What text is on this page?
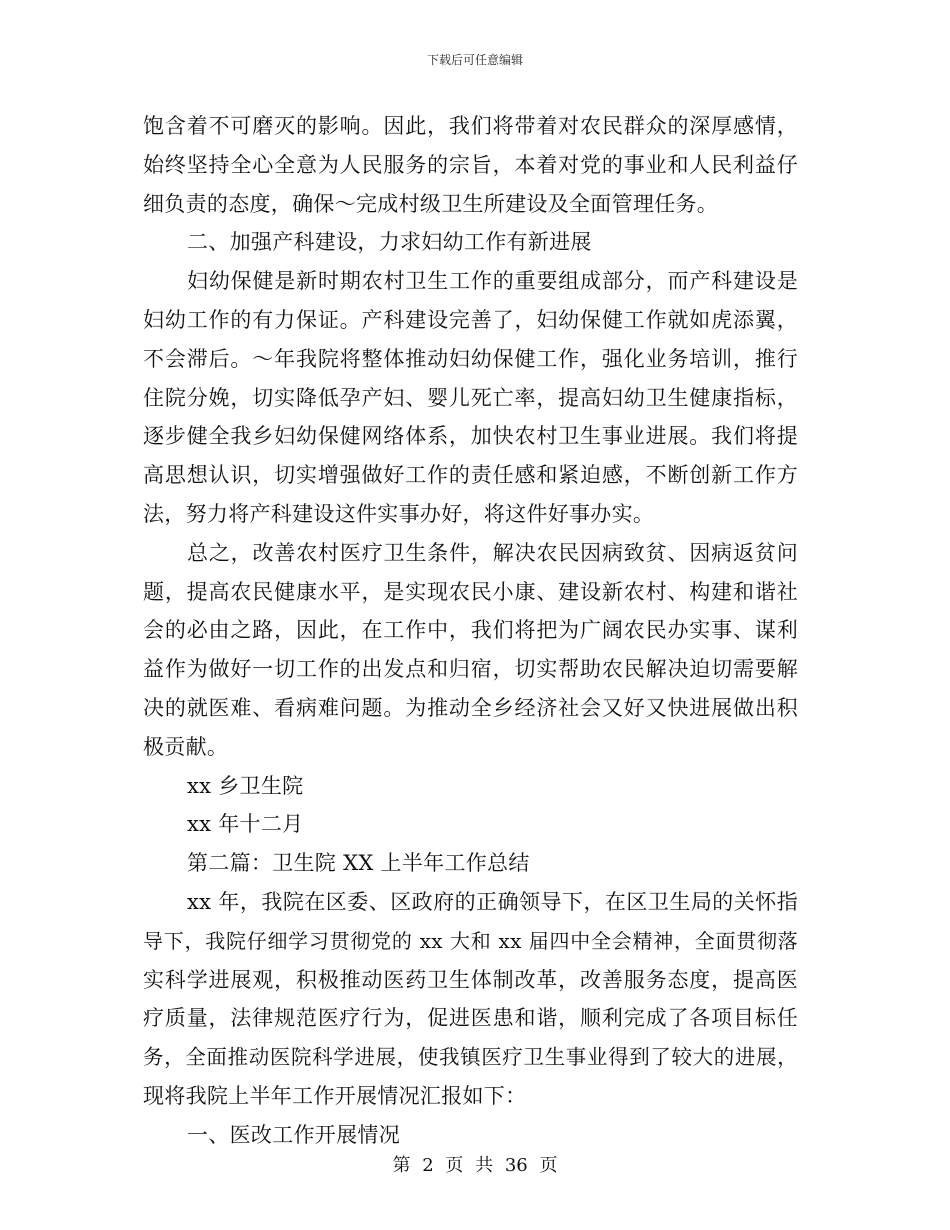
下载后可任意编辑
饱含着不可磨灭的影响。因此，我们将带着对农民群众的深厚感情，
始终坚持全心全意为人民服务的宗旨，本着对党的事业和人民利益仔
细负责的态度，确保～完成村级卫生所建设及全面管理任务。
二、加强产科建设，力求妇幼工作有新进展
妇幼保健是新时期农村卫生工作的重要组成部分，而产科建设是
妇幼工作的有力保证。产科建设完善了，妇幼保健工作就如虎添翼，
不会滞后。～年我院将整体推动妇幼保健工作，强化业务培训，推行
住院分娩，切实降低孕产妇、婴儿死亡率，提高妇幼卫生健康指标，
逐步健全我乡妇幼保健网络体系，加快农村卫生事业进展。我们将提
高思想认识，切实增强做好工作的责任感和紧迫感，不断创新工作方
法，努力将产科建设这件实事办好，将这件好事办实。
总之，改善农村医疗卫生条件，解决农民因病致贫、因病返贫问
题，提高农民健康水平，是实现农民小康、建设新农村、构建和谐社
会的必由之路，因此，在工作中，我们将把为广阔农民办实事、谋利
益作为做好一切工作的出发点和归宿，切实帮助农民解决迫切需要解
决的就医难、看病难问题。为推动全乡经济社会又好又快进展做出积
极贡献。
xx 乡卫生院
xx 年十二月
第二篇：卫生院 XX 上半年工作总结
xx 年，我院在区委、区政府的正确领导下，在区卫生局的关怀指
导下，我院仔细学习贯彻党的 xx 大和 xx 届四中全会精神，全面贯彻落
实科学进展观，积极推动医药卫生体制改革，改善服务态度，提高医
疗质量，法律规范医疗行为，促进医患和谐，顺利完成了各项目标任
务，全面推动医院科学进展，使我镇医疗卫生事业得到了较大的进展，
现将我院上半年工作开展情况汇报如下：
一、医改工作开展情况
第 2 页 共 36 页
